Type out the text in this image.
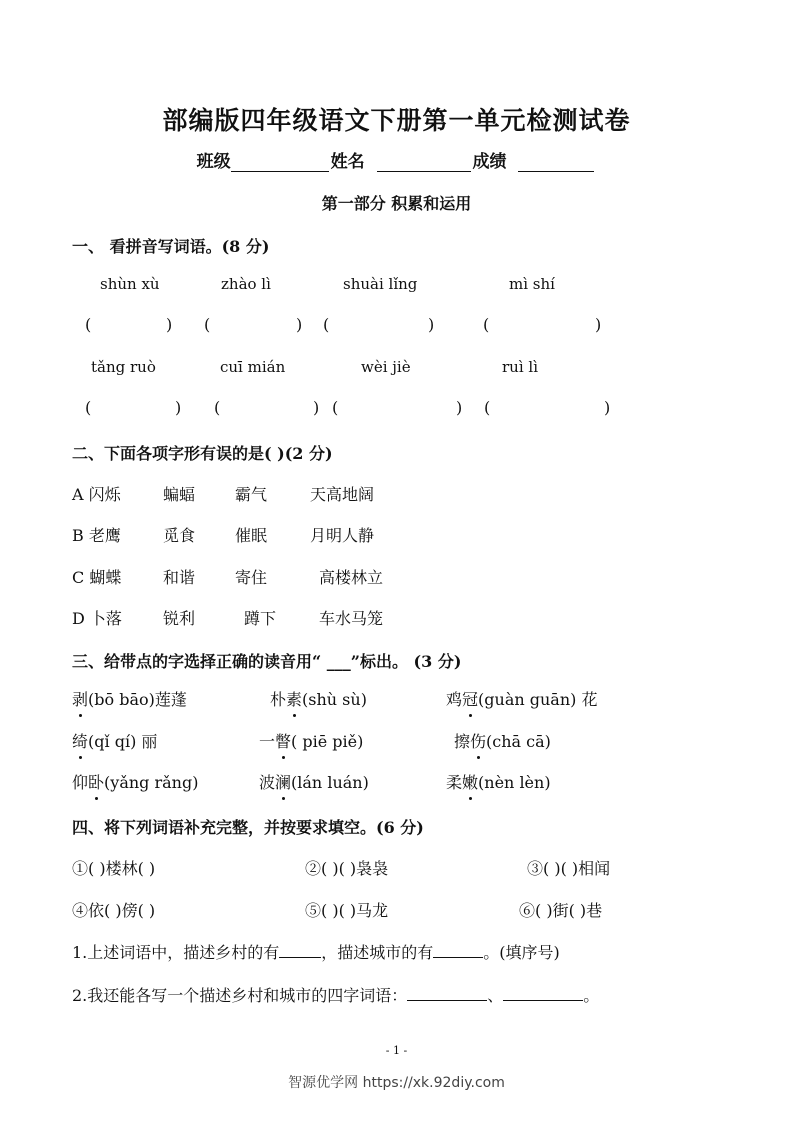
部编版四年级语文下册第一单元检测试卷
班级	姓名	成绩
第一部分 积累和运用
一、 看拼音写词语。(8 分)
shùn xù	zhào lì	shuài lǐng	mì shí
(	) (	) (	)	(	)
tǎng ruò	cuī mián	wèi jiè	ruì lì
(	) (	) (	) (	)
二、下面各项字形有误的是( )(2 分)
A 闪烁	蝙蝠 霸气	天高地阔
B 老鹰	觅食 催眠	月明人静
C 蝴蝶	和谐 寄住	高楼林立
D 卜落	锐利	蹲下	车水马笼
三、给带点的字选择正确的读音用“ ___”标出。 (3 分)
剥(bō bāo)莲蓬	朴素(shù sù)	鸡冠(guàn guān) 花
绮(qǐ qí) 丽	一瞥( piē piě)	擦伤(chā cā)
仰卧(yǎng rǎng)	波澜(lán luán)	柔嫩(nèn lèn)
四、将下列词语补充完整，并按要求填空。(6 分)
①( )楼林( )	②( )( )袅袅	③( )( )相闻
④依( )傍( )	⑤( )( )马龙	⑥( )街( )巷
1.上述词语中，描述乡村的有	，描述城市的有	。(填序号)
2.我还能各写一个描述乡村和城市的四字词语：	、	。
- 1 -
智源优学网 https://xk.92diy.com
